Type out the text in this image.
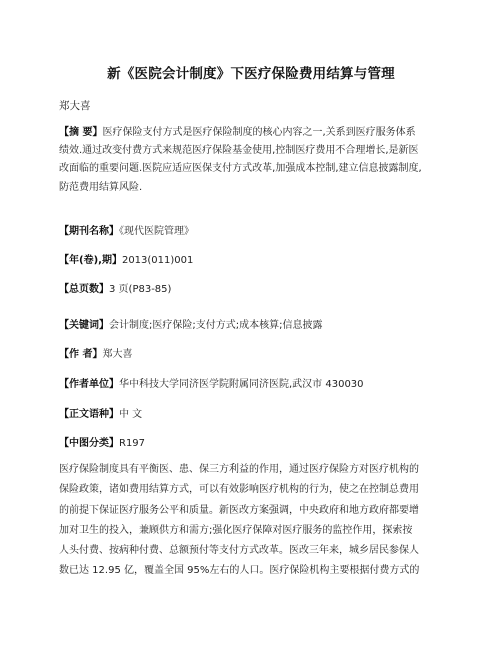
新《医院会计制度》下医疗保险费用结算与管理
郑大喜
【摘 要】医疗保险支付方式是医疗保险制度的核心内容之一,关系到医疗服务体系
绩效.通过改变付费方式来规范医疗保险基金使用,控制医疗费用不合理增长,是新医
改面临的重要问题.医院应适应医保支付方式改革,加强成本控制,建立信息披露制度,
防范费用结算风险.
【期刊名称】《现代医院管理》
【年(卷),期】2013(011)001
【总页数】3 页(P83-85)
【关键词】会计制度;医疗保险;支付方式;成本核算;信息披露
【作 者】郑大喜
【作者单位】华中科技大学同济医学院附属同济医院,武汉市 430030
【正文语种】中 文
【中图分类】R197
医疗保险制度具有平衡医、患、保三方利益的作用，通过医疗保险方对医疗机构的
保险政策，诸如费用结算方式，可以有效影响医疗机构的行为，使之在控制总费用
的前提下保证医疗服务公平和质量。新医改方案强调，中央政府和地方政府都要增
加对卫生的投入，兼顾供方和需方;强化医疗保障对医疗服务的监控作用，探索按
人头付费、按病种付费、总额预付等支付方式改革。医改三年来，城乡居民参保人
数已达 12.95 亿，覆盖全国 95%左右的人口。医疗保险机构主要根据付费方式的
